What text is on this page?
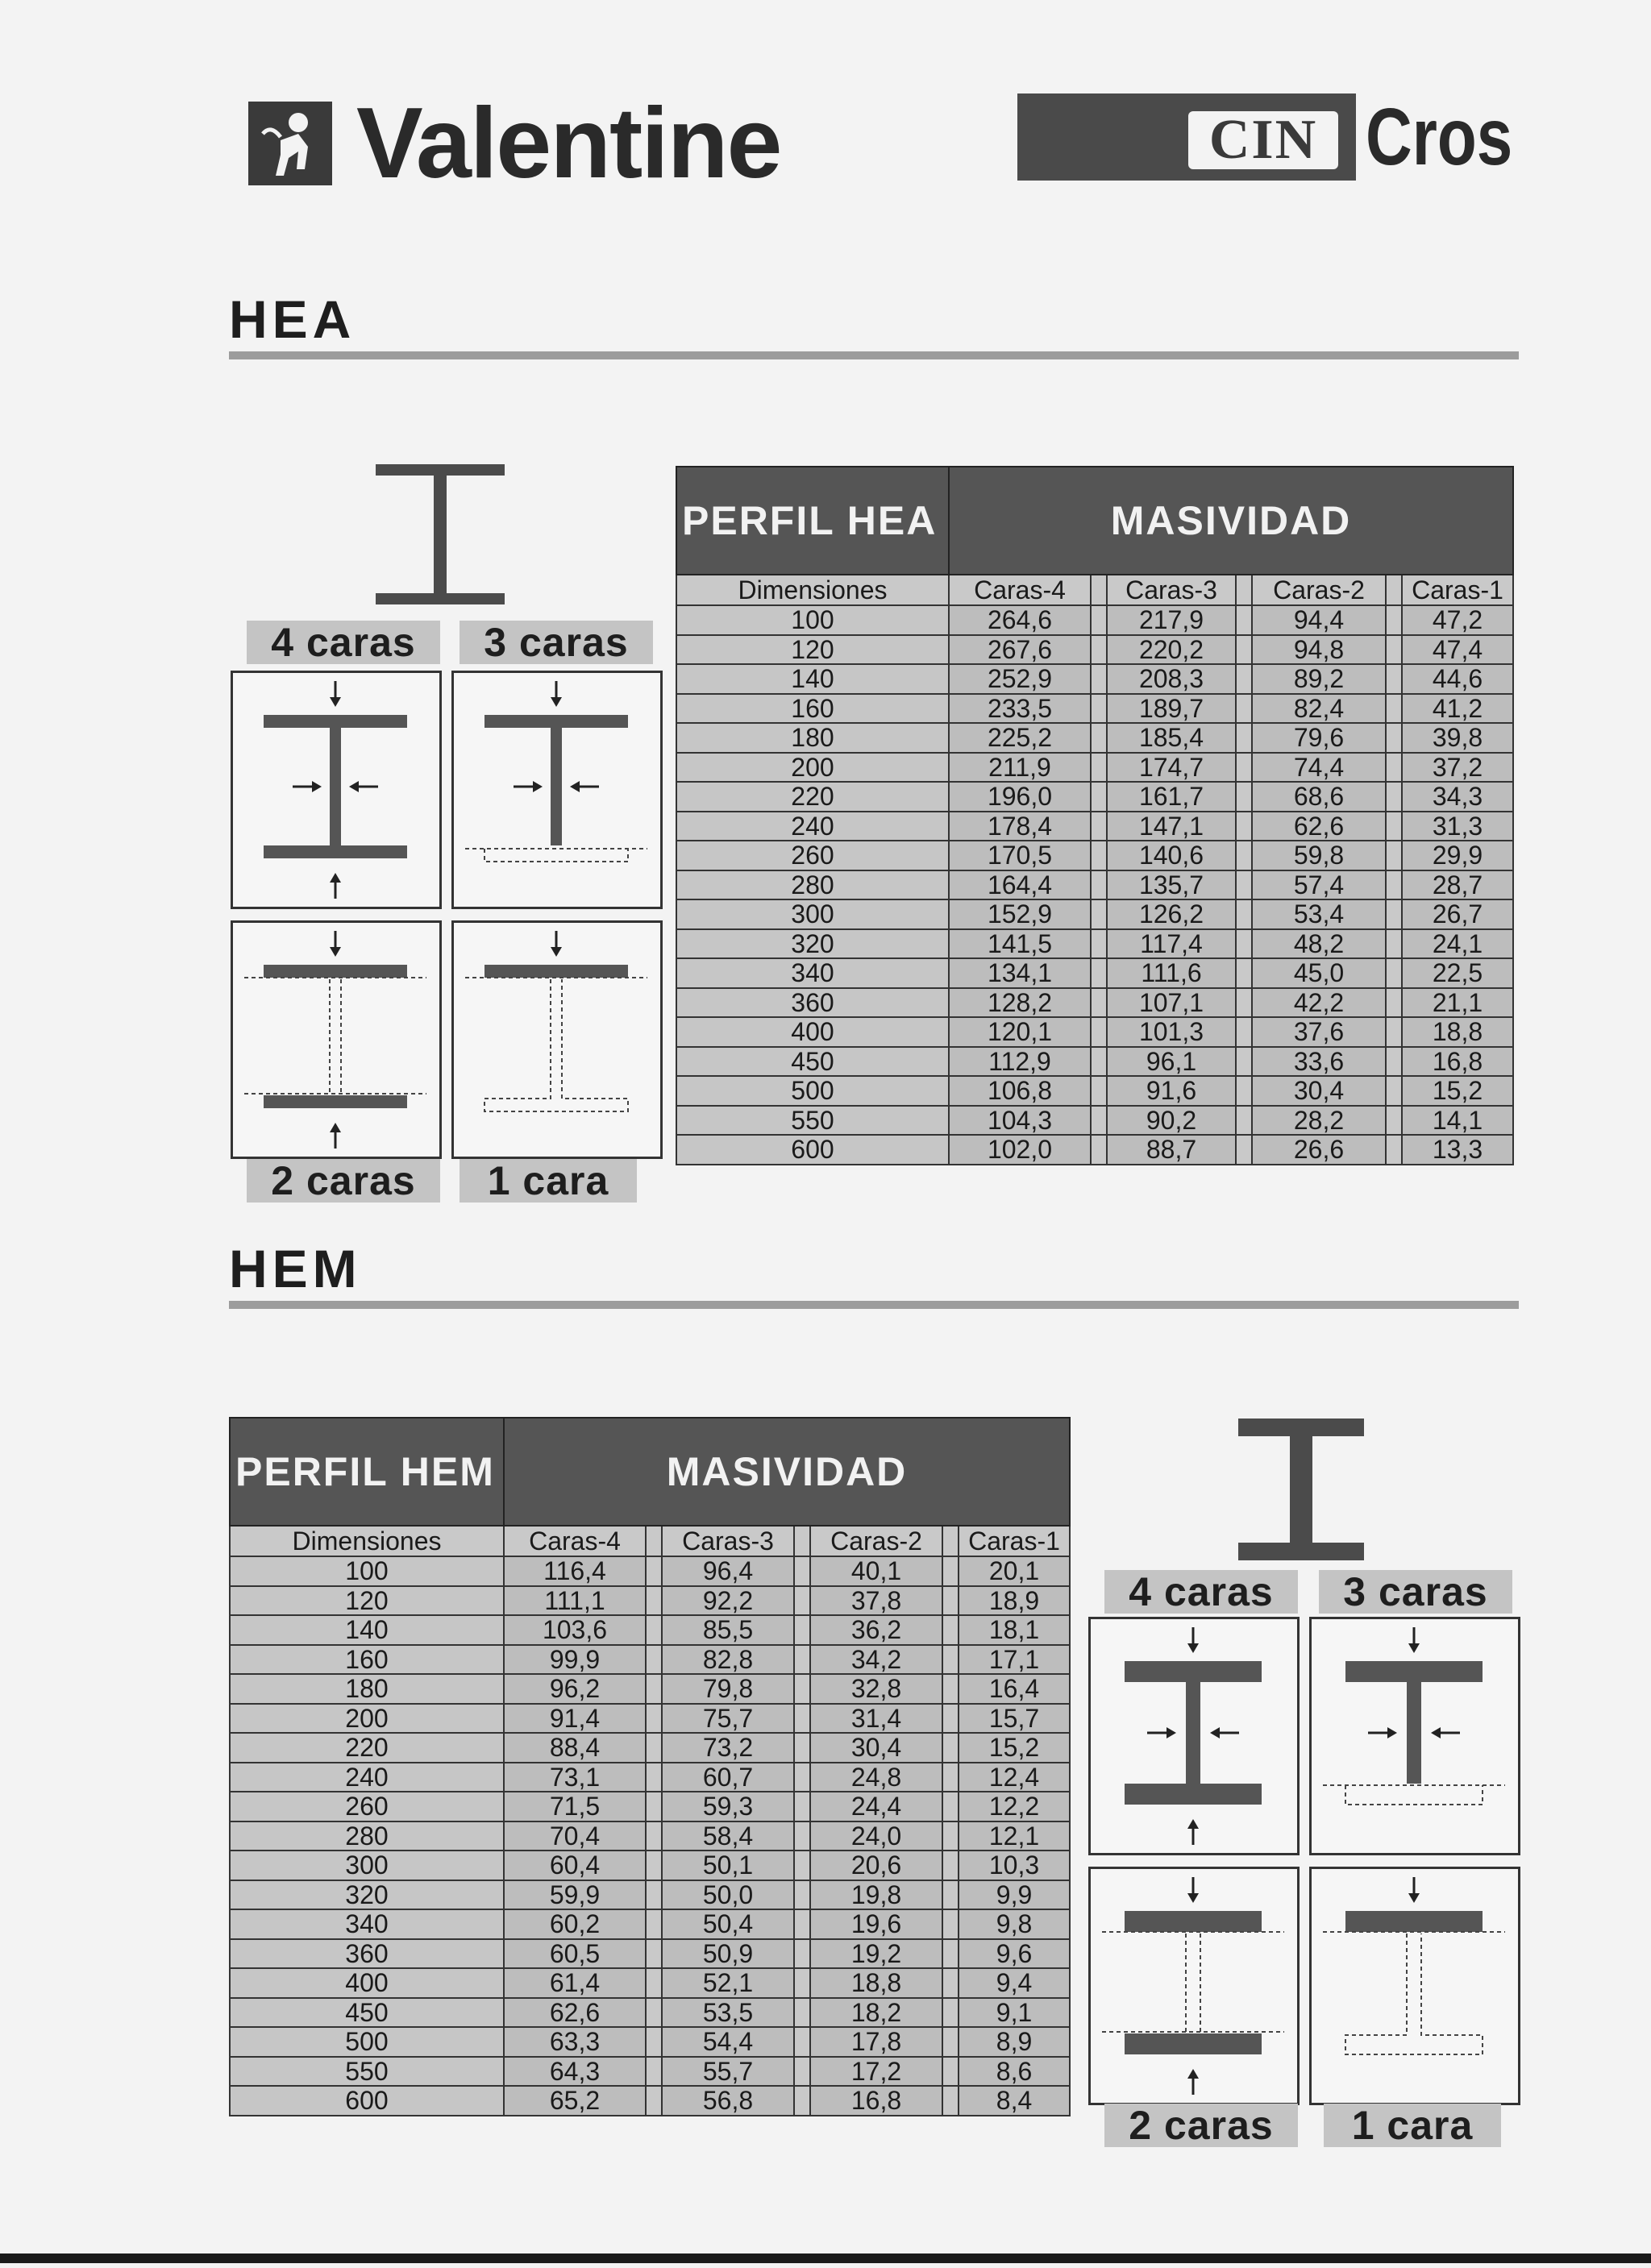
Valentine	CIN Cros
HEA
4 caras	3 caras
2 caras	1 cara
PERFIL HEA	MASIVIDAD						
Dimensiones	Caras-4		Caras-3		Caras-2		Caras-1
100	264,6		217,9		94,4		47,2
120	267,6		220,2		94,8		47,4
140	252,9		208,3		89,2		44,6
160	233,5		189,7		82,4		41,2
180	225,2		185,4		79,6		39,8
200	211,9		174,7		74,4		37,2
220	196,0		161,7		68,6		34,3
240	178,4		147,1		62,6		31,3
260	170,5		140,6		59,8		29,9
280	164,4		135,7		57,4		28,7
300	152,9		126,2		53,4		26,7
320	141,5		117,4		48,2		24,1
340	134,1		111,6		45,0		22,5
360	128,2		107,1		42,2		21,1
400	120,1		101,3		37,6		18,8
450	112,9		96,1		33,6		16,8
500	106,8		91,6		30,4		15,2
550	104,3		90,2		28,2		14,1
600	102,0		88,7		26,6		13,3
HEM
PERFIL HEM	MASIVIDAD						
Dimensiones	Caras-4		Caras-3		Caras-2		Caras-1
100	116,4		96,4		40,1		20,1
120	111,1		92,2		37,8		18,9
140	103,6		85,5		36,2		18,1
160	99,9		82,8		34,2		17,1
180	96,2		79,8		32,8		16,4
200	91,4		75,7		31,4		15,7
220	88,4		73,2		30,4		15,2
240	73,1		60,7		24,8		12,4
260	71,5		59,3		24,4		12,2
280	70,4		58,4		24,0		12,1
300	60,4		50,1		20,6		10,3
320	59,9		50,0		19,8		9,9
340	60,2		50,4		19,6		9,8
360	60,5		50,9		19,2		9,6
400	61,4		52,1		18,8		9,4
450	62,6		53,5		18,2		9,1
500	63,3		54,4		17,8		8,9
550	64,3		55,7		17,2		8,6
600	65,2		56,8		16,8		8,4
4 caras	3 caras
2 caras	1 cara
